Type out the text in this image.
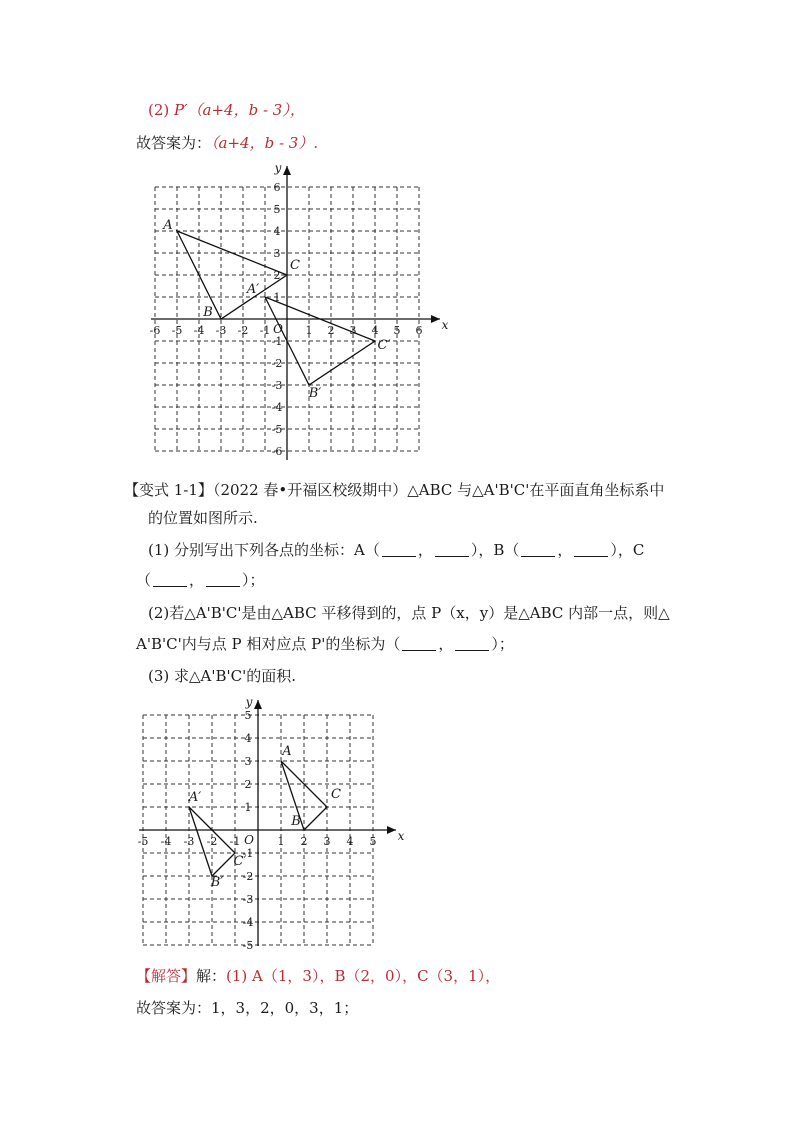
(2) P′（a+4，b - 3），
故答案为：（a+4，b - 3）.
x
y
O
-6 -5 -4 -3 -2 -1	1 2 3 4 5 6
6
5
4
3
2
1
-1
-2
-3
-4
-5
-6
A
B
C
A′
B′
C′
【变式 1-1】（2022 春•开福区校级期中）△ABC 与△A'B'C'在平面直角坐标系中
的位置如图所示.
(1) 分别写出下列各点的坐标：A（	，	），B（	，	），C
（	，	）；
(2)若△A'B'C'是由△ABC 平移得到的，点 P（x，y）是△ABC 内部一点，则△
A'B'C'内与点 P 相对应点 P'的坐标为（	，	）；
(3) 求△A'B'C'的面积.
x
y
O
-5 -4 -3 -2 -1	1 2 3 4 5
5
4
3
2
1
-1
-2
-3
-4
-5
A
B
C
A′
B′
C′
【解答】解：(1) A（1，3），B（2，0），C（3，1），
故答案为：1，3，2，0，3，1；
